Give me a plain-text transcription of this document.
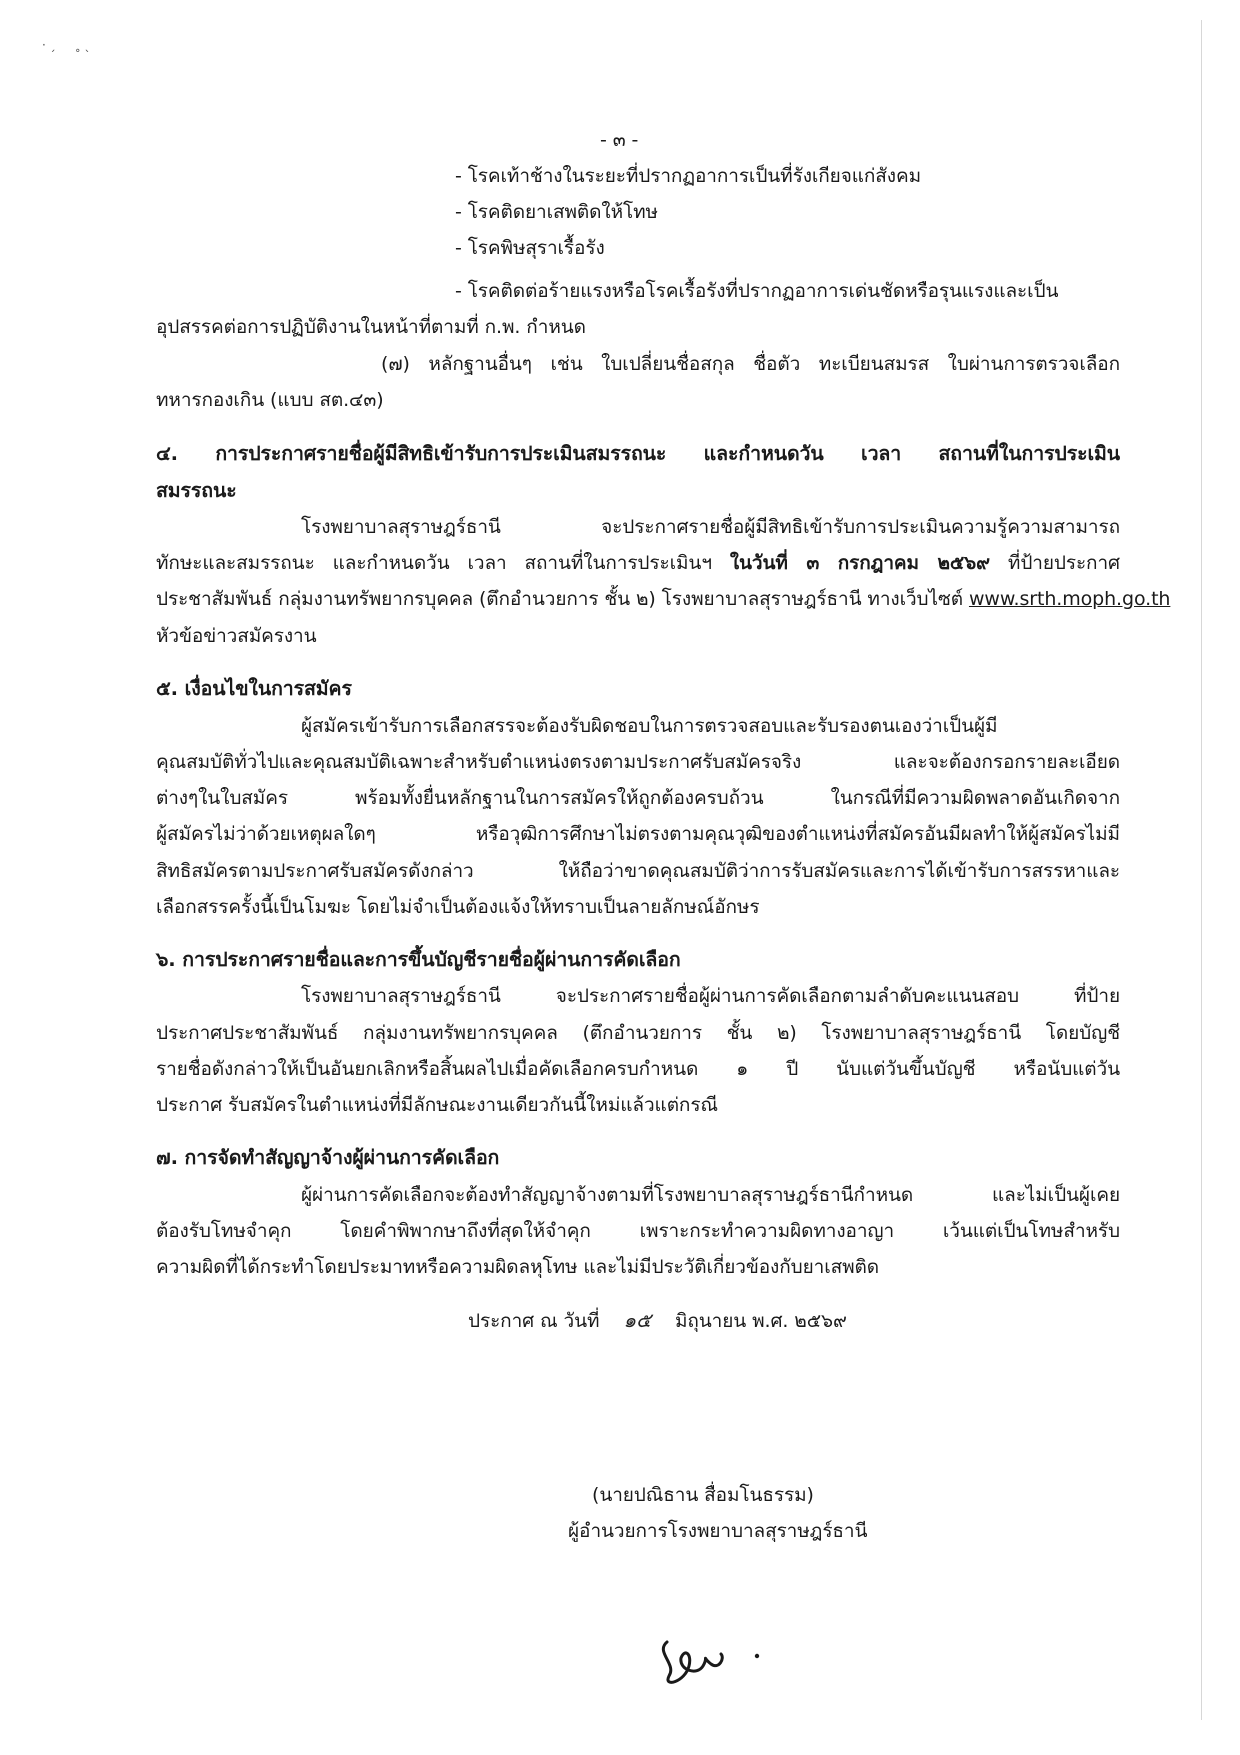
· ˏ     ˳ ˎ
- ๓ -
- โรคเท้าช้างในระยะที่ปรากฏอาการเป็นที่รังเกียจแก่สังคม
- โรคติดยาเสพติดให้โทษ
- โรคพิษสุราเรื้อรัง
- โรคติดต่อร้ายแรงหรือโรคเรื้อรังที่ปรากฏอาการเด่นชัดหรือรุนแรงและเป็น
อุปสรรคต่อการปฏิบัติงานในหน้าที่ตามที่ ก.พ. กำหนด
(๗) หลักฐานอื่นๆ เช่น ใบเปลี่ยนชื่อสกุล ชื่อตัว ทะเบียนสมรส ใบผ่านการตรวจเลือก
ทหารกองเกิน (แบบ สต.๔๓)
๔. การประกาศรายชื่อผู้มีสิทธิเข้ารับการประเมินสมรรถนะ และกำหนดวัน เวลา สถานที่ในการประเมิน
สมรรถนะ
โรงพยาบาลสุราษฎร์ธานี จะประกาศรายชื่อผู้มีสิทธิเข้ารับการประเมินความรู้ความสามารถ
ทักษะและสมรรถนะ และกำหนดวัน เวลา สถานที่ในการประเมินฯ ในวันที่ ๓ กรกฎาคม ๒๕๖๙ ที่ป้ายประกาศ
ประชาสัมพันธ์ กลุ่มงานทรัพยากรบุคคล (ตึกอำนวยการ ชั้น ๒) โรงพยาบาลสุราษฎร์ธานี ทางเว็บไซต์ www.srth.moph.go.th
หัวข้อข่าวสมัครงาน
๕. เงื่อนไขในการสมัคร
ผู้สมัครเข้ารับการเลือกสรรจะต้องรับผิดชอบในการตรวจสอบและรับรองตนเองว่าเป็นผู้มี
คุณสมบัติทั่วไปและคุณสมบัติเฉพาะสำหรับตำแหน่งตรงตามประกาศรับสมัครจริง และจะต้องกรอกรายละเอียด
ต่างๆในใบสมัคร พร้อมทั้งยื่นหลักฐานในการสมัครให้ถูกต้องครบถ้วน ในกรณีที่มีความผิดพลาดอันเกิดจาก
ผู้สมัครไม่ว่าด้วยเหตุผลใดๆ หรือวุฒิการศึกษาไม่ตรงตามคุณวุฒิของตำแหน่งที่สมัครอันมีผลทำให้ผู้สมัครไม่มี
สิทธิสมัครตามประกาศรับสมัครดังกล่าว ให้ถือว่าขาดคุณสมบัติว่าการรับสมัครและการได้เข้ารับการสรรหาและ
เลือกสรรครั้งนี้เป็นโมฆะ โดยไม่จำเป็นต้องแจ้งให้ทราบเป็นลายลักษณ์อักษร
๖. การประกาศรายชื่อและการขึ้นบัญชีรายชื่อผู้ผ่านการคัดเลือก
โรงพยาบาลสุราษฎร์ธานี จะประกาศรายชื่อผู้ผ่านการคัดเลือกตามลำดับคะแนนสอบ ที่ป้าย
ประกาศประชาสัมพันธ์ กลุ่มงานทรัพยากรบุคคล (ตึกอำนวยการ ชั้น ๒) โรงพยาบาลสุราษฎร์ธานี โดยบัญชี
รายชื่อดังกล่าวให้เป็นอันยกเลิกหรือสิ้นผลไปเมื่อคัดเลือกครบกำหนด ๑ ปี นับแต่วันขึ้นบัญชี หรือนับแต่วัน
ประกาศ รับสมัครในตำแหน่งที่มีลักษณะงานเดียวกันนี้ใหม่แล้วแต่กรณี
๗. การจัดทำสัญญาจ้างผู้ผ่านการคัดเลือก
ผู้ผ่านการคัดเลือกจะต้องทำสัญญาจ้างตามที่โรงพยาบาลสุราษฎร์ธานีกำหนด และไม่เป็นผู้เคย
ต้องรับโทษจำคุก โดยคำพิพากษาถึงที่สุดให้จำคุก เพราะกระทำความผิดทางอาญา เว้นแต่เป็นโทษสำหรับ
ความผิดที่ได้กระทำโดยประมาทหรือความผิดลหุโทษ และไม่มีประวัติเกี่ยวข้องกับยาเสพติด
ประกาศ ณ วันที่ ๑๕ มิถุนายน พ.ศ. ๒๕๖๙
(นายปณิธาน สื่อมโนธรรม)
ผู้อำนวยการโรงพยาบาลสุราษฎร์ธานี
